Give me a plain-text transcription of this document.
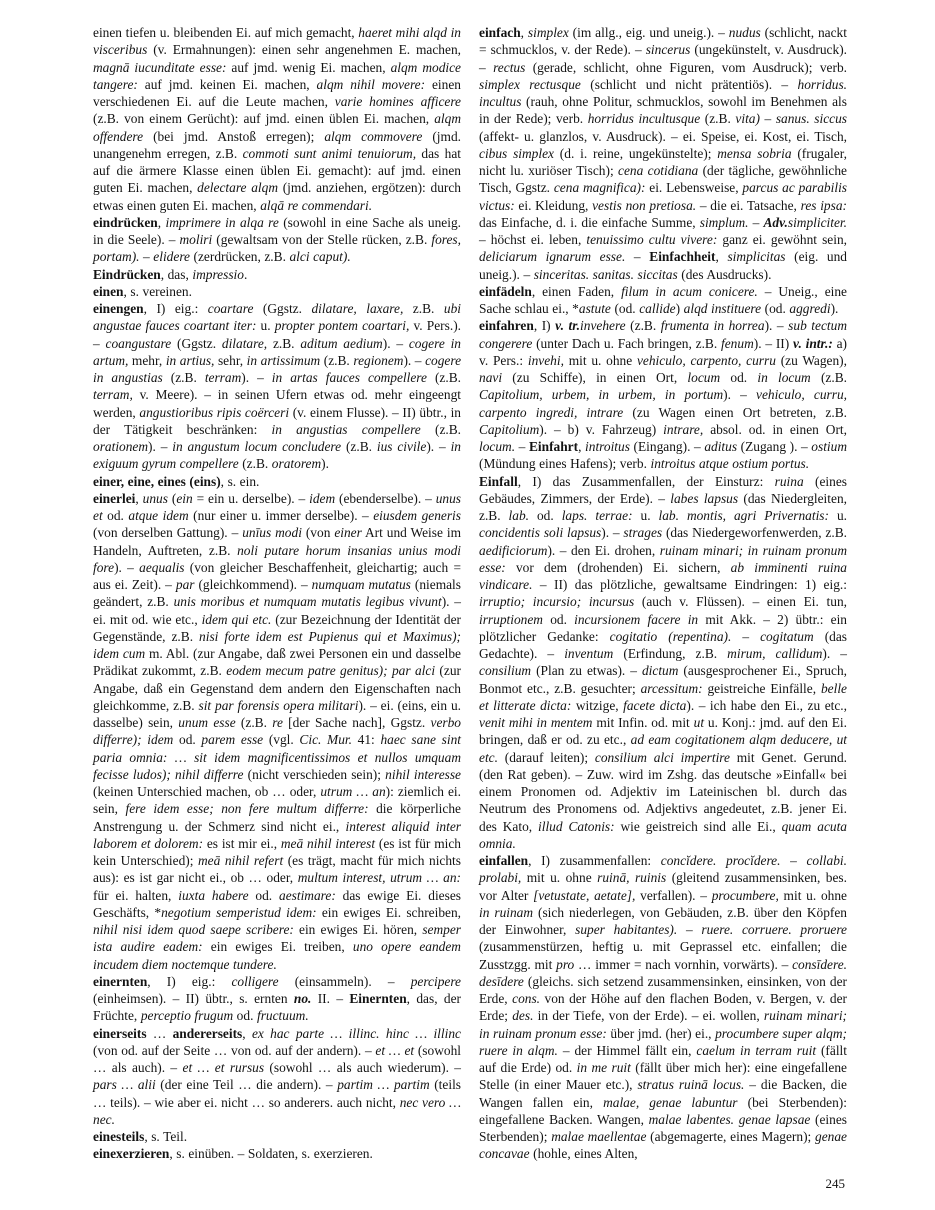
einen tiefen u. bleibenden Ei. auf mich gemacht, haeret mihi alqd in visceribus (v. Ermahnungen): einen sehr angenehmen E. machen, magnā iucunditate esse: auf jmd. wenig Ei. machen, alqm modice tangere: auf jmd. keinen Ei. machen, alqm nihil movere: einen verschiedenen Ei. auf die Leute machen, varie homines afficere (z.B. von einem Gerücht): auf jmd. einen üblen Ei. machen, alqm offendere (bei jmd. Anstoß erregen); alqm commovere (jmd. unangenehm erregen, z.B. commoti sunt animi tenuiorum, das hat auf die ärmere Klasse einen üblen Ei. gemacht): auf jmd. einen guten Ei. machen, delectare alqm (jmd. anziehen, ergötzen): durch etwas einen guten Ei. machen, alqā re commendari.

eindrücken, imprimere in alqa re (sowohl in eine Sache als uneig. in die Seele). – moliri (gewaltsam von der Stelle rücken, z.B. fores, portam). – elidere (zerdrücken, z.B. alci caput).

Eindrücken, das, impressio.

einen, s. vereinen.

einengen, I) eig.: coartare (Ggstz. dilatare, laxare, z.B. ubi angustae fauces coartant iter: u. propter pontem coartari, v. Pers.). – coangustare (Ggstz. dilatare, z.B. aditum aedium). – cogere in artum, mehr, in artius, sehr, in artissimum (z.B. regionem). – cogere in angustias (z.B. terram). – in artas fauces compellere (z.B. terram, v. Meere). – in seinen Ufern etwas od. mehr eingeengt werden, angustioribus ripis coërceri (v. einem Flusse). – II) übtr., in der Tätigkeit beschränken: in angustias compellere (z.B. orationem). – in angustum locum concludere (z.B. ius civile). – in exiguum gyrum compellere (z.B. oratorem).

einer, eine, eines (eins), s. ein.

einerlei, unus (ein = ein u. derselbe). – idem (ebenderselbe). – unus et od. atque idem (nur einer u. immer derselbe). – eiusdem generis (von derselben Gattung). – unīus modi (von einer Art und Weise im Handeln, Auftreten, z.B. noli putare horum insanias unius modi fore). – aequalis (von gleicher Beschaffenheit, gleichartig; auch = aus ei. Zeit). – par (gleichkommend). – numquam mutatus (niemals geändert, z.B. unis moribus et numquam mutatis legibus vivunt). – ei. mit od. wie etc., idem qui etc. (zur Bezeichnung der Identität der Gegenstände, z.B. nisi forte idem est Pupienus qui et Maximus); idem cum m. Abl. (zur Angabe, daß zwei Personen ein und dasselbe Prädikat zukommt, z.B. eodem mecum patre genitus); par alci (zur Angabe, daß ein Gegenstand dem andern den Eigenschaften nach gleichkomme, z.B. sit par forensis opera militari). – ei. (eins, ein u. dasselbe) sein, unum esse (z.B. re [der Sache nach], Ggstz. verbo differre); idem od. parem esse (vgl. Cic. Mur. 41: haec sane sint paria omnia: … sit idem magnificentissimos et nullos umquam fecisse ludos); nihil differre (nicht verschieden sein); nihil interesse (keinen Unterschied machen, ob … oder, utrum … an): ziemlich ei. sein, fere idem esse; non fere multum differre: die körperliche Anstrengung u. der Schmerz sind nicht ei., interest aliquid inter laborem et dolorem: es ist mir ei., meā nihil interest (es ist für mich kein Unterschied); meā nihil refert (es trägt, macht für mich nichts aus): es ist gar nicht ei., ob … oder, multum interest, utrum … an: für ei. halten, iuxta habere od. aestimare: das ewige Ei. dieses Geschäfts, *negotium semperistud idem: ein ewiges Ei. schreiben, nihil nisi idem quod saepe scribere: ein ewiges Ei. hören, semper ista audire eadem: ein ewiges Ei. treiben, uno opere eandem incudem diem noctemque tundere.

einernten, I) eig.: colligere (einsammeln). – percipere (einheimsen). – II) übtr., s. ernten no. II. – Einernten, das, der Früchte, perceptio frugum od. fructuum.

einerseits … andererseits, ex hac parte … illinc. hinc … illinc (von od. auf der Seite … von od. auf der andern). – et … et (sowohl … als auch). – et … et rursus (sowohl … als auch wiederum). – pars … alii (der eine Teil … die andern). – partim … partim (teils … teils). – wie aber ei. nicht … so anderers. auch nicht, nec vero … nec.

einesteils, s. Teil.

einexerzieren, s. einüben. – Soldaten, s. exerzieren.

einfach, simplex (im allg., eig. und uneig.). – nudus (schlicht, nackt = schmucklos, v. der Rede). – sincerus (ungekünstelt, v. Ausdruck). – rectus (gerade, schlicht, ohne Figuren, vom Ausdruck); verb. simplex rectusque (schlicht und nicht prätentiös). – horridus. incultus (rauh, ohne Politur, schmucklos, sowohl im Benehmen als in der Rede); verb. horridus incultusque (z.B. vita) – sanus. siccus (affekt- u. glanzlos, v. Ausdruck). – ei. Speise, ei. Kost, ei. Tisch, cibus simplex (d. i. reine, ungekünstelte); mensa sobria (frugaler, nicht lu. xuriöser Tisch); cena cotidiana (der tägliche, gewöhnliche Tisch, Ggstz. cena magnifica): ei. Lebensweise, parcus ac parabilis victus: ei. Kleidung, vestis non pretiosa. – die ei. Tatsache, res ipsa: das Einfache, d. i. die einfache Summe, simplum. – Adv.simpliciter. – höchst ei. leben, tenuissimo cultu vivere: ganz ei. gewöhnt sein, deliciarum ignarum esse. – Einfachheit, simplicitas (eig. und uneig.). – sinceritas. sanitas. siccitas (des Ausdrucks).

einfädeln, einen Faden, filum in acum conicere. – Uneig., eine Sache schlau ei., *astute (od. callide) alqd instituere (od. aggredi).

einfahren, I) v. tr.invehere (z.B. frumenta in horrea). – sub tectum congerere (unter Dach u. Fach bringen, z.B. fenum). – II) v. intr.: a) v. Pers.: invehi, mit u. ohne vehiculo, carpento, curru (zu Wagen), navi (zu Schiffe), in einen Ort, locum od. in locum (z.B. Capitolium, urbem, in urbem, in portum). – vehiculo, curru, carpento ingredi, intrare (zu Wagen einen Ort betreten, z.B. Capitolium). – b) v. Fahrzeug) intrare, absol. od. in einen Ort, locum. – Einfahrt, introitus (Eingang). – aditus (Zugang ). – ostium (Mündung eines Hafens); verb. introitus atque ostium portus.

Einfall, I) das Zusammenfallen, der Einsturz: ruina (eines Gebäudes, Zimmers, der Erde). – labes lapsus (das Niedergleiten, z.B. lab. od. laps. terrae: u. lab. montis, agri Privernatis: u. concidentis soli lapsus). – strages (das Niedergeworfenwerden, z.B. aedificiorum). – den Ei. drohen, ruinam minari; in ruinam pronum esse: vor dem (drohenden) Ei. sichern, ab imminenti ruina vindicare. – II) das plötzliche, gewaltsame Eindringen: 1) eig.: irruptio; incursio; incursus (auch v. Flüssen). – einen Ei. tun, irruptionem od. incursionem facere in mit Akk. – 2) übtr.: ein plötzlicher Gedanke: cogitatio (repentina). – cogitatum (das Gedachte). – inventum (Erfindung, z.B. mirum, callidum). – consilium (Plan zu etwas). – dictum (ausgesprochener Ei., Spruch, Bonmot etc., z.B. gesuchter; arcessitum: geistreiche Einfälle, belle et litterate dicta: witzige, facete dicta). – ich habe den Ei., zu etc., venit mihi in mentem mit Infin. od. mit ut u. Konj.: jmd. auf den Ei. bringen, daß er od. zu etc., ad eam cogitationem alqm deducere, ut etc. (darauf leiten); consilium alci impertire mit Genet. Gerund. (den Rat geben). – Zuw. wird im Zshg. das deutsche »Einfall« bei einem Pronomen od. Adjektiv im Lateinischen bl. durch das Neutrum des Pronomens od. Adjektivs angedeutet, z.B. jener Ei. des Kato, illud Catonis: wie geistreich sind alle Ei., quam acuta omnia.

einfallen, I) zusammenfallen: concĭdere. procĭdere. – collabi. prolabi, mit u. ohne ruinā, ruinis (gleitend zusammensinken, bes. vor Alter [vetustate, aetate], verfallen). – procumbere, mit u. ohne in ruinam (sich niederlegen, von Gebäuden, z.B. über den Köpfen der Einwohner, super habitantes). – ruere. corruere. proruere (zusammenstürzen, heftig u. mit Geprassel etc. einfallen; die Zusstzgg. mit pro … immer = nach vornhin, vorwärts). – consīdere. desīdere (gleichs. sich setzend zusammensinken, einsinken, von der Erde, cons. von der Höhe auf den flachen Boden, v. Bergen, v. der Erde; des. in der Tiefe, von der Erde). – ei. wollen, ruinam minari; in ruinam pronum esse: über jmd. (her) ei., procumbere super alqm; ruere in alqm. – der Himmel fällt ein, caelum in terram ruit (fällt auf die Erde) od. in me ruit (fällt über mich her): eine eingefallene Stelle (in einer Mauer etc.), stratus ruinā locus. – die Backen, die Wangen fallen ein, malae, genae labuntur (bei Sterbenden): eingefallene Backen. Wangen, malae labentes. genae lapsae (eines Sterbenden); malae maellentae (abgemagerte, eines Magern); genae concavae (hohle, eines Alten,

245
